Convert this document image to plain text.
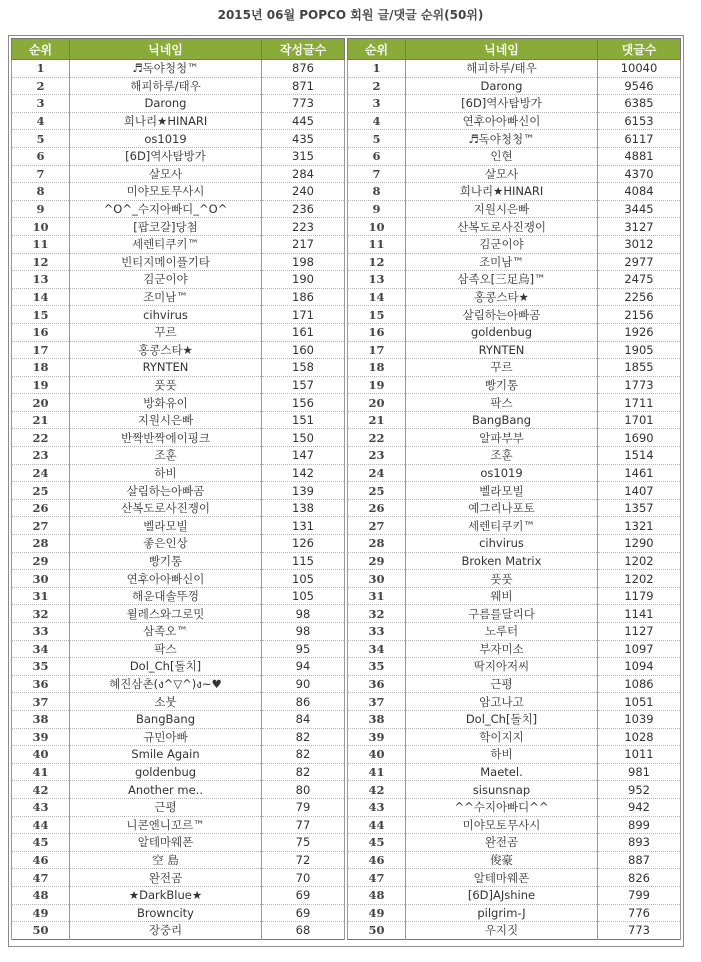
2015년 06월 POPCO 회원 글/댓글 순위(50위)
순위	닉네임	작성글수
1	♬독야청청™	876
2	해피하루/태우	871
3	Darong	773
4	희나리★HINARI	445
5	os1019	435
6	[6D]역사탐방가	315
7	살모사	284
8	미야모토무사시	240
9	^O^_수지아빠디_^O^	236
10	[팝코갈]당첨	223
11	세렌티쿠키™	217
12	빈티지메이플기타	198
13	김군이야	190
14	조미남™	186
15	cihvirus	171
16	꾸르	161
17	홍콩스타★	160
18	RYNTEN	158
19	풋풋	157
20	방화유이	156
21	지원시은빠	151
22	반짝반짝에이핑크	150
23	조훈	147
24	하비	142
25	살림하는아빠곰	139
26	산복도로사진쟁이	138
27	벨라모빌	131
28	좋은인상	126
29	빵기통	115
30	연후아아빠신이	105
31	해운대솔뚜껑	105
32	윌레스와그로밋	98
33	삼족오™	98
34	팍스	95
35	Dol_Ch[돌치]	94
36	혜진삼촌(ง^▽^)ง~♥	90
37	소붓	86
38	BangBang	84
39	규민아빠	82
40	Smile Again	82
41	goldenbug	82
42	Another me..	80
43	근평	79
44	니콘엔니꼬르™	77
45	알테마웨폰	75
46	空 島	72
47	완전곰	70
48	★DarkBlue★	69
49	Browncity	69
50	장중리	68
순위	닉네임	댓글수
1	해피하루/태우	10040
2	Darong	9546
3	[6D]역사탐방가	6385
4	연후아아빠신이	6153
5	♬독야청청™	6117
6	인현	4881
7	살모사	4370
8	희나리★HINARI	4084
9	지원시은빠	3445
10	산복도로사진쟁이	3127
11	김군이야	3012
12	조미남™	2977
13	삼족오[三足烏]™	2475
14	홍콩스타★	2256
15	살림하는아빠곰	2156
16	goldenbug	1926
17	RYNTEN	1905
18	꾸르	1855
19	빵기통	1773
20	팍스	1711
21	BangBang	1701
22	알파부부	1690
23	조훈	1514
24	os1019	1461
25	벨라모빌	1407
26	예그리나포토	1357
27	세렌티쿠키™	1321
28	cihvirus	1290
29	Broken Matrix	1202
30	풋풋	1202
31	웨비	1179
32	구름를달리다	1141
33	노루터	1127
34	부자미소	1097
35	딱지아저씨	1094
36	근평	1086
37	암고나고	1051
38	Dol_Ch[돌치]	1039
39	학이지지	1028
40	하비	1011
41	Maetel.	981
42	sisunsnap	952
43	^^수지아빠디^^	942
44	미야모토무사시	899
45	완전곰	893
46	俊豪	887
47	알테마웨폰	826
48	[6D]AJshine	799
49	pilgrim-J	776
50	우지짓	773
